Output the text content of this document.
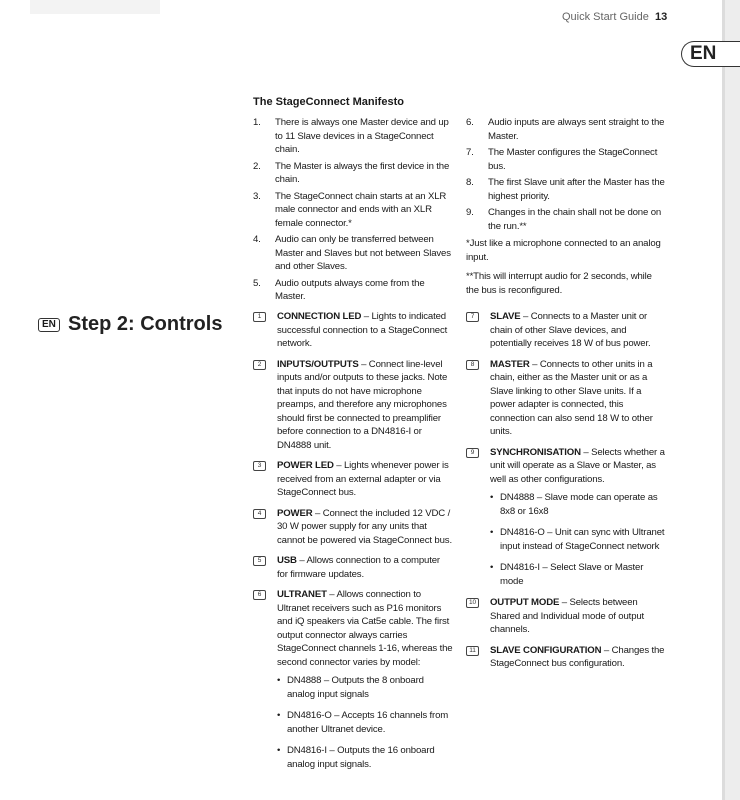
Quick Start Guide 13
EN
The StageConnect Manifesto
1. There is always one Master device and up to 11 Slave devices in a StageConnect chain.
2. The Master is always the first device in the chain.
3. The StageConnect chain starts at an XLR male connector and ends with an XLR female connector.*
4. Audio can only be transferred between Master and Slaves but not between Slaves and other Slaves.
5. Audio outputs always come from the Master.
6. Audio inputs are always sent straight to the Master.
7. The Master configures the StageConnect bus.
8. The first Slave unit after the Master has the highest priority.
9. Changes in the chain shall not be done on the run.**
*Just like a microphone connected to an analog input.
**This will interrupt audio for 2 seconds, while the bus is reconfigured.
EN Step 2: Controls	1	CONNECTION LED – Lights to indicated successful connection to a StageConnect network.
2	INPUTS/OUTPUTS – Connect line-level inputs and/or outputs to these jacks. Note that inputs do not have microphone preamps, and therefore any microphones should first be connected to preamplifier before connection to a DN4816-I or DN4888 unit.
3	POWER LED – Lights whenever power is received from an external adapter or via StageConnect bus.
4	POWER – Connect the included 12 VDC / 30 W power supply for any units that cannot be powered via StageConnect bus.
5	USB – Allows connection to a computer for firmware updates.
6	ULTRANET – Allows connection to Ultranet receivers such as P16 monitors and iQ speakers via Cat5e cable. The first output connector always carries StageConnect channels 1-16, whereas the second connector varies by model:
• DN4888 – Outputs the 8 onboard analog input signals
• DN4816-O – Accepts 16 channels from another Ultranet device.
• DN4816-I – Outputs the 16 onboard analog input signals.
7	SLAVE – Connects to a Master unit or chain of other Slave devices, and potentially receives 18 W of bus power.
8	MASTER – Connects to other units in a chain, either as the Master unit or as a Slave linking to other Slave units. If a power adapter is connected, this connection can also send 18 W to other units.
9	SYNCHRONISATION – Selects whether a unit will operate as a Slave or Master, as well as other configurations.
• DN4888 – Slave mode can operate as 8x8 or 16x8
• DN4816-O – Unit can sync with Ultranet input instead of StageConnect network
• DN4816-I – Select Slave or Master mode
10	OUTPUT MODE – Selects between Shared and Individual mode of output channels.
11	SLAVE CONFIGURATION – Changes the StageConnect bus configuration.
